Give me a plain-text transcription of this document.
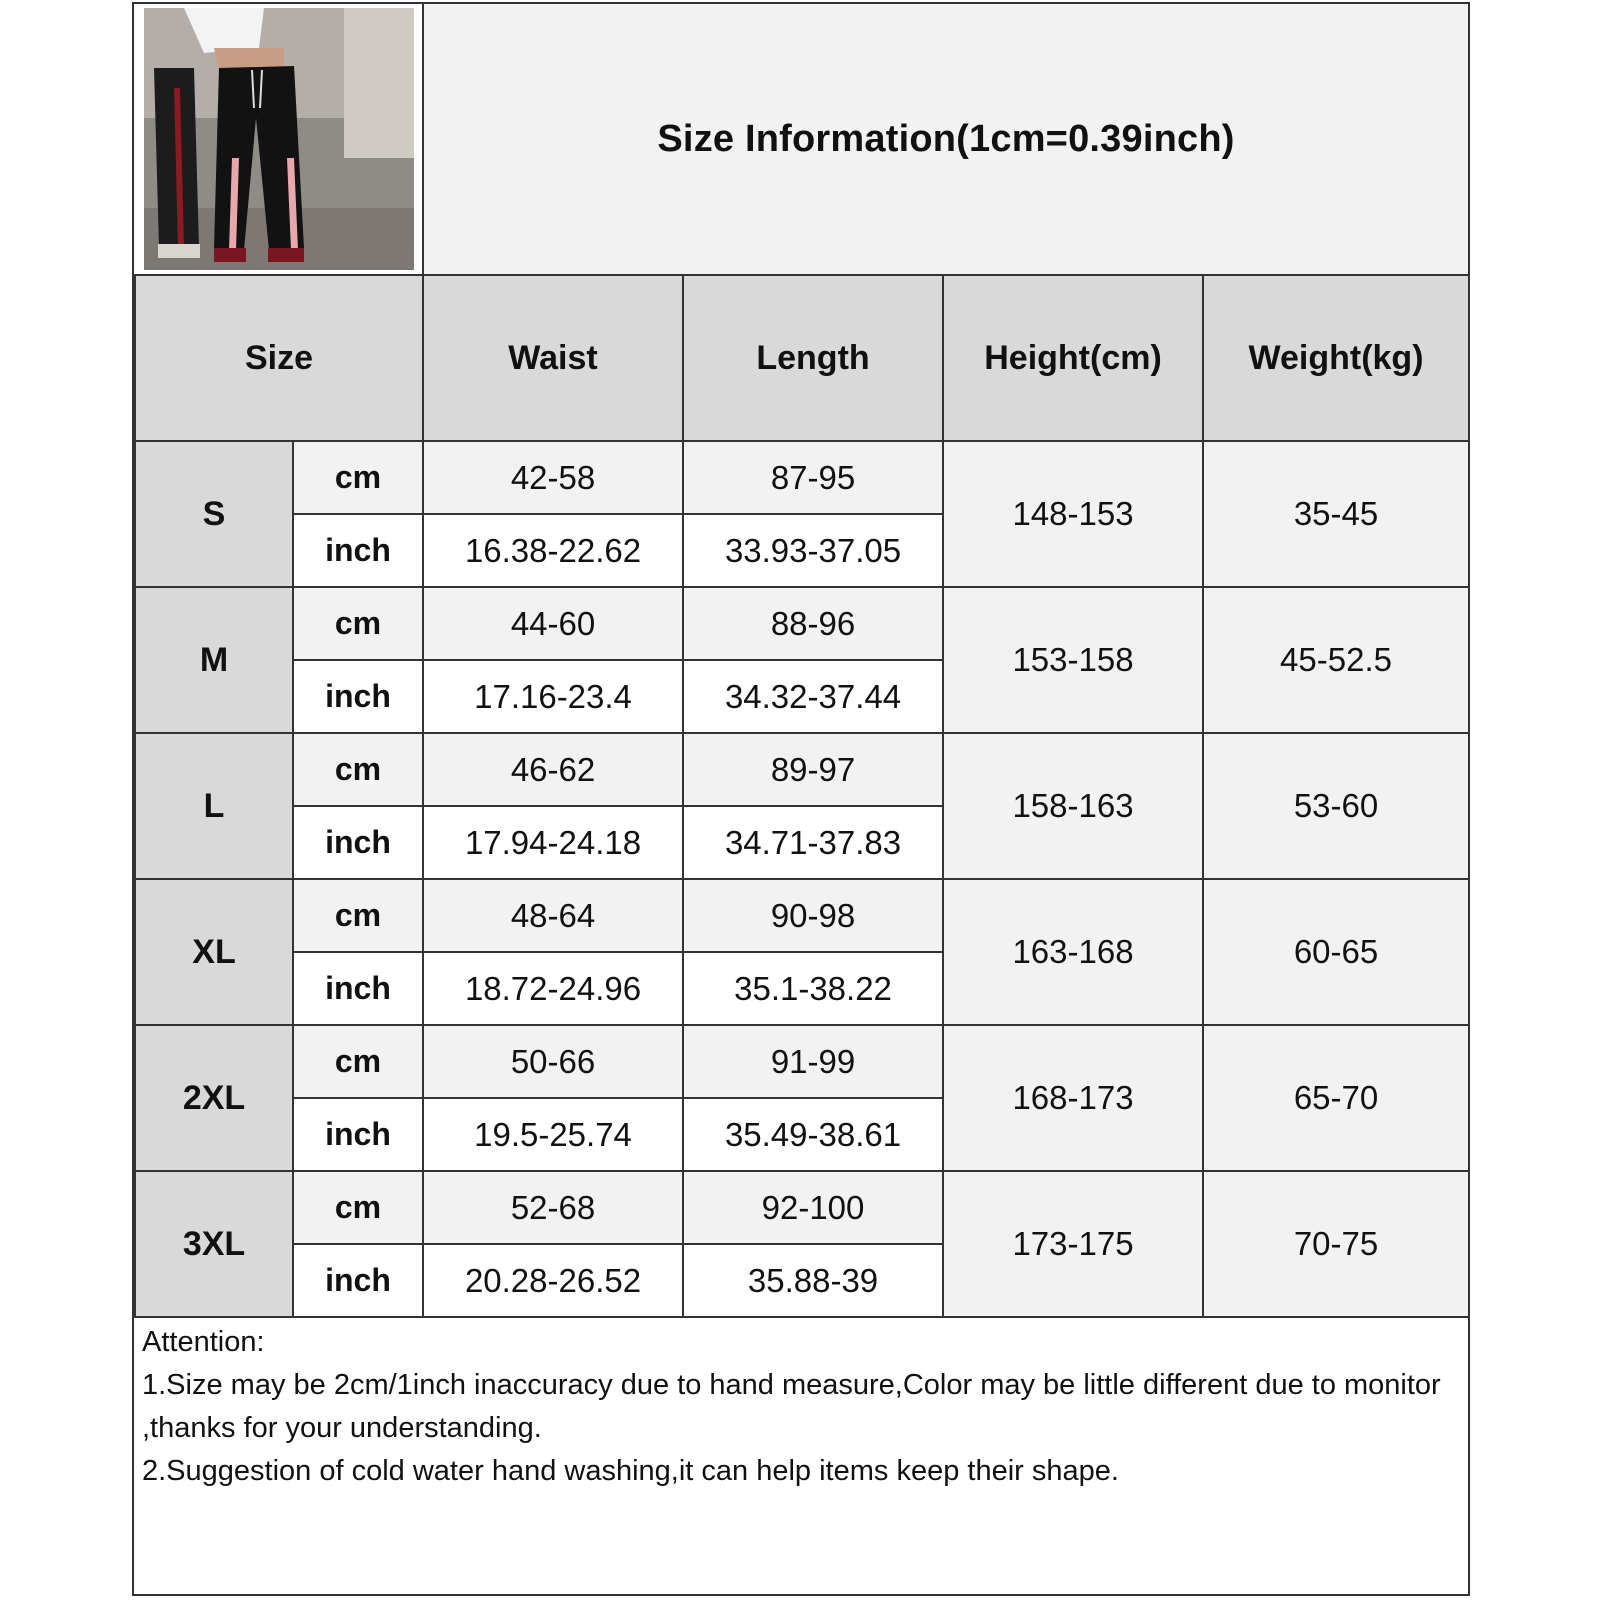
Size Information(1cm=0.39inch)
Size		Waist	Length	Height(cm)	Weight(kg)
S	cm	42-58	87-95	148-153	35-45
	inch	16.38-22.62	33.93-37.05		
M	cm	44-60	88-96	153-158	45-52.5
	inch	17.16-23.4	34.32-37.44		
L	cm	46-62	89-97	158-163	53-60
	inch	17.94-24.18	34.71-37.83		
XL	cm	48-64	90-98	163-168	60-65
	inch	18.72-24.96	35.1-38.22		
2XL	cm	50-66	91-99	168-173	65-70
	inch	19.5-25.74	35.49-38.61		
3XL	cm	52-68	92-100	173-175	70-75
	inch	20.28-26.52	35.88-39		
Attention:
1.Size may be 2cm/1inch inaccuracy due to hand measure,Color may be little different due to monitor ,thanks for your understanding.
2.Suggestion of cold water hand washing,it can help items keep their shape.
